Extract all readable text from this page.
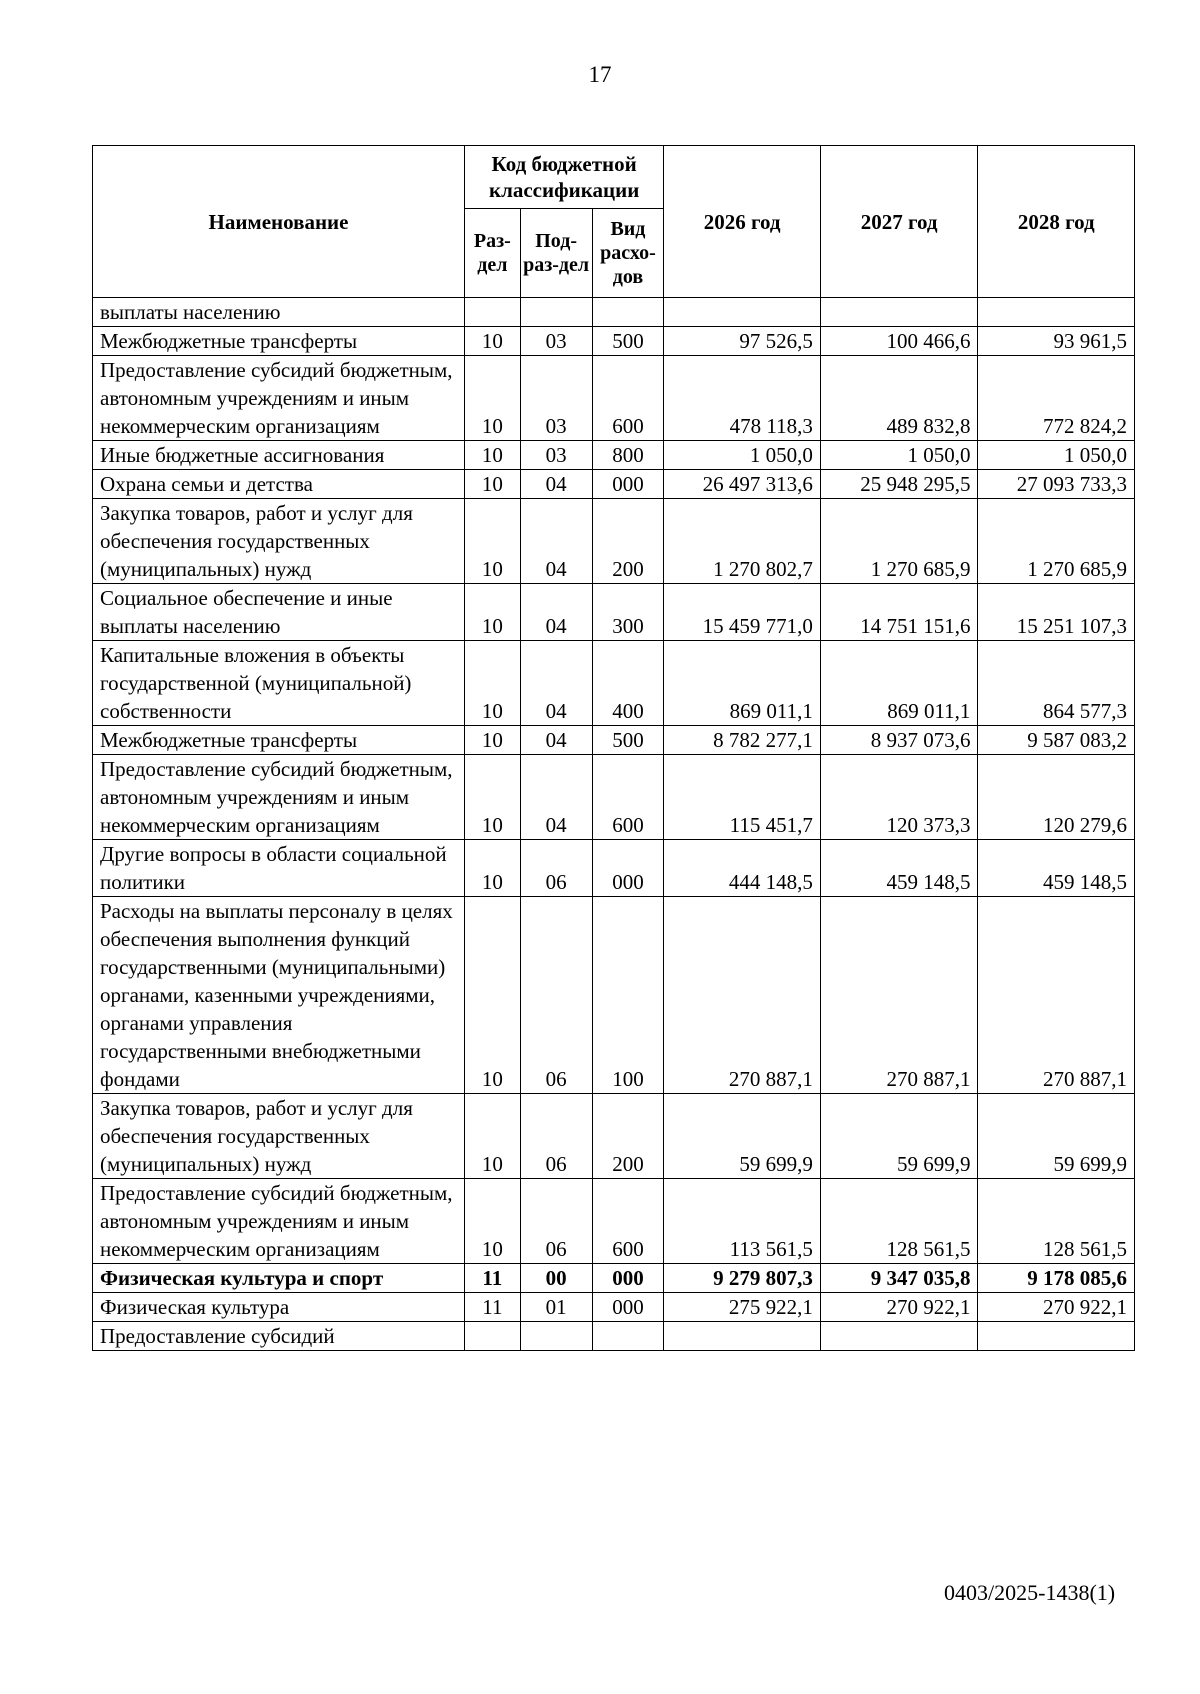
17
Наименование	Код бюджетной классификации			2026 год	2027 год	2028 год
	Раз-дел	Под-раз-дел	Вид расхо-дов			
выплаты населению						
Межбюджетные трансферты	10	03	500	97 526,5	100 466,6	93 961,5
Предоставление субсидий бюджетным, автономным учреждениям и иным некоммерческим организациям	10	03	600	478 118,3	489 832,8	772 824,2
Иные бюджетные ассигнования	10	03	800	1 050,0	1 050,0	1 050,0
Охрана семьи и детства	10	04	000	26 497 313,6	25 948 295,5	27 093 733,3
Закупка товаров, работ и услуг для обеспечения государственных (муниципальных) нужд	10	04	200	1 270 802,7	1 270 685,9	1 270 685,9
Социальное обеспечение и иные выплаты населению	10	04	300	15 459 771,0	14 751 151,6	15 251 107,3
Капитальные вложения в объекты государственной (муниципальной) собственности	10	04	400	869 011,1	869 011,1	864 577,3
Межбюджетные трансферты	10	04	500	8 782 277,1	8 937 073,6	9 587 083,2
Предоставление субсидий бюджетным, автономным учреждениям и иным некоммерческим организациям	10	04	600	115 451,7	120 373,3	120 279,6
Другие вопросы в области социальной политики	10	06	000	444 148,5	459 148,5	459 148,5
Расходы на выплаты персоналу в целях обеспечения выполнения функций государственными (муниципальными) органами, казенными учреждениями, органами управления государственными внебюджетными фондами	10	06	100	270 887,1	270 887,1	270 887,1
Закупка товаров, работ и услуг для обеспечения государственных (муниципальных) нужд	10	06	200	59 699,9	59 699,9	59 699,9
Предоставление субсидий бюджетным, автономным учреждениям и иным некоммерческим организациям	10	06	600	113 561,5	128 561,5	128 561,5
Физическая культура и спорт	11	00	000	9 279 807,3	9 347 035,8	9 178 085,6
Физическая культура	11	01	000	275 922,1	270 922,1	270 922,1
Предоставление субсидий						
0403/2025-1438(1)
